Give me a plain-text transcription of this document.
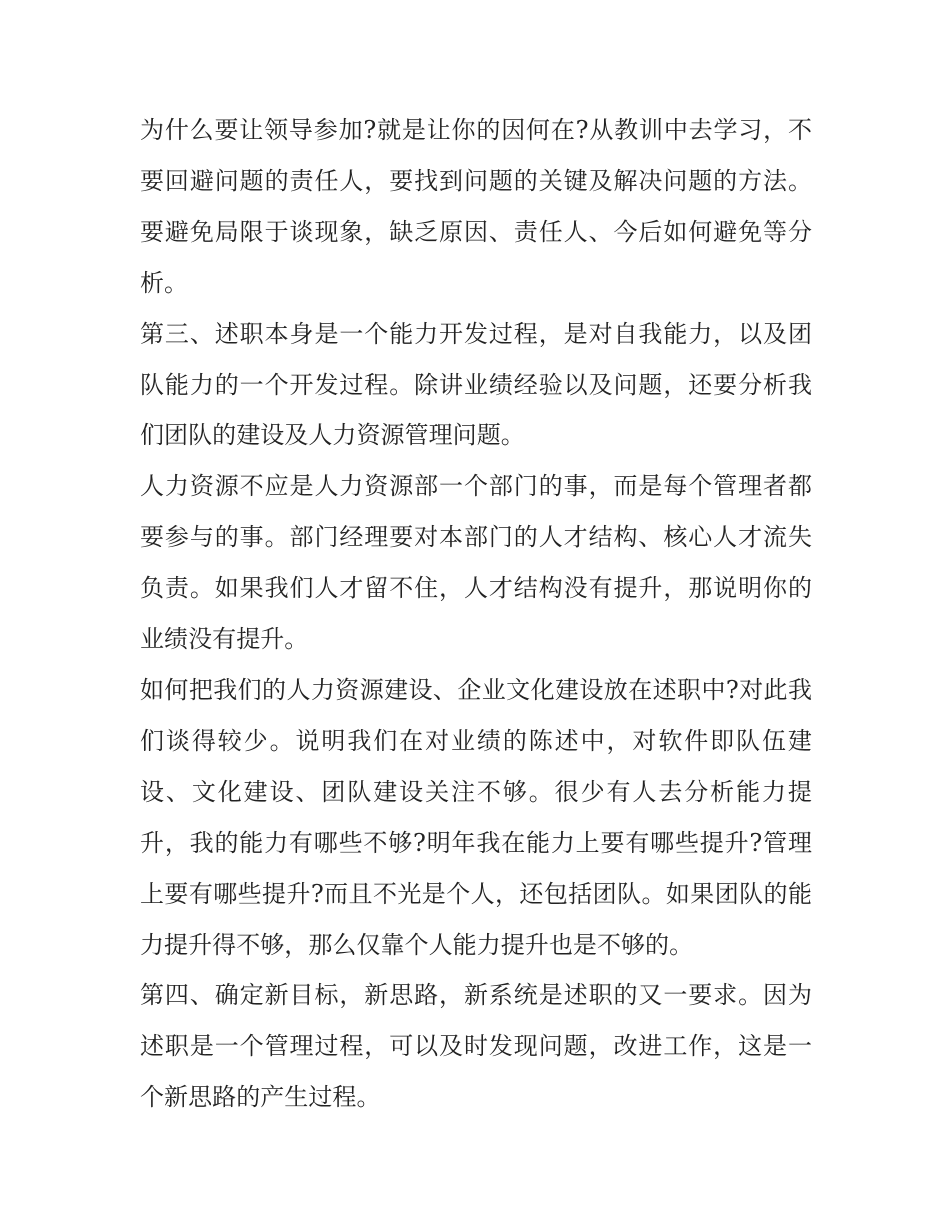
为什么要让领导参加?就是让你的因何在?从教训中去学习，不要回避问题的责任人，要找到问题的关键及解决问题的方法。要避免局限于谈现象，缺乏原因、责任人、今后如何避免等分析。

第三、述职本身是一个能力开发过程，是对自我能力，以及团队能力的一个开发过程。除讲业绩经验以及问题，还要分析我们团队的建设及人力资源管理问题。

人力资源不应是人力资源部一个部门的事，而是每个管理者都要参与的事。部门经理要对本部门的人才结构、核心人才流失负责。如果我们人才留不住，人才结构没有提升，那说明你的业绩没有提升。

如何把我们的人力资源建设、企业文化建设放在述职中?对此我们谈得较少。说明我们在对业绩的陈述中，对软件即队伍建设、文化建设、团队建设关注不够。很少有人去分析能力提升，我的能力有哪些不够?明年我在能力上要有哪些提升?管理上要有哪些提升?而且不光是个人，还包括团队。如果团队的能力提升得不够，那么仅靠个人能力提升也是不够的。

第四、确定新目标，新思路，新系统是述职的又一要求。因为述职是一个管理过程，可以及时发现问题，改进工作，这是一个新思路的产生过程。
